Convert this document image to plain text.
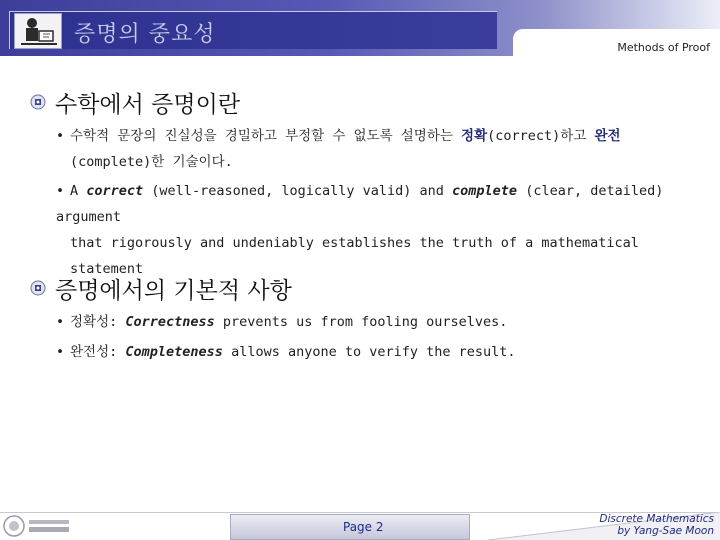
증명의 중요성
Methods of Proof
수학에서 증명이란
• 수학적 문장의 진실성을 경밀하고 부정할 수 없도록 설명하는 정확(correct)하고 완전
(complete)한 기술이다.
• A correct (well-reasoned, logically valid) and complete (clear, detailed) argument
that rigorously and undeniably establishes the truth of a mathematical statement
증명에서의 기본적 사항
• 정확성: Correctness prevents us from fooling ourselves.
• 완전성: Completeness allows anyone to verify the result.
Page 2
Discrete Mathematics
by Yang-Sae Moon
